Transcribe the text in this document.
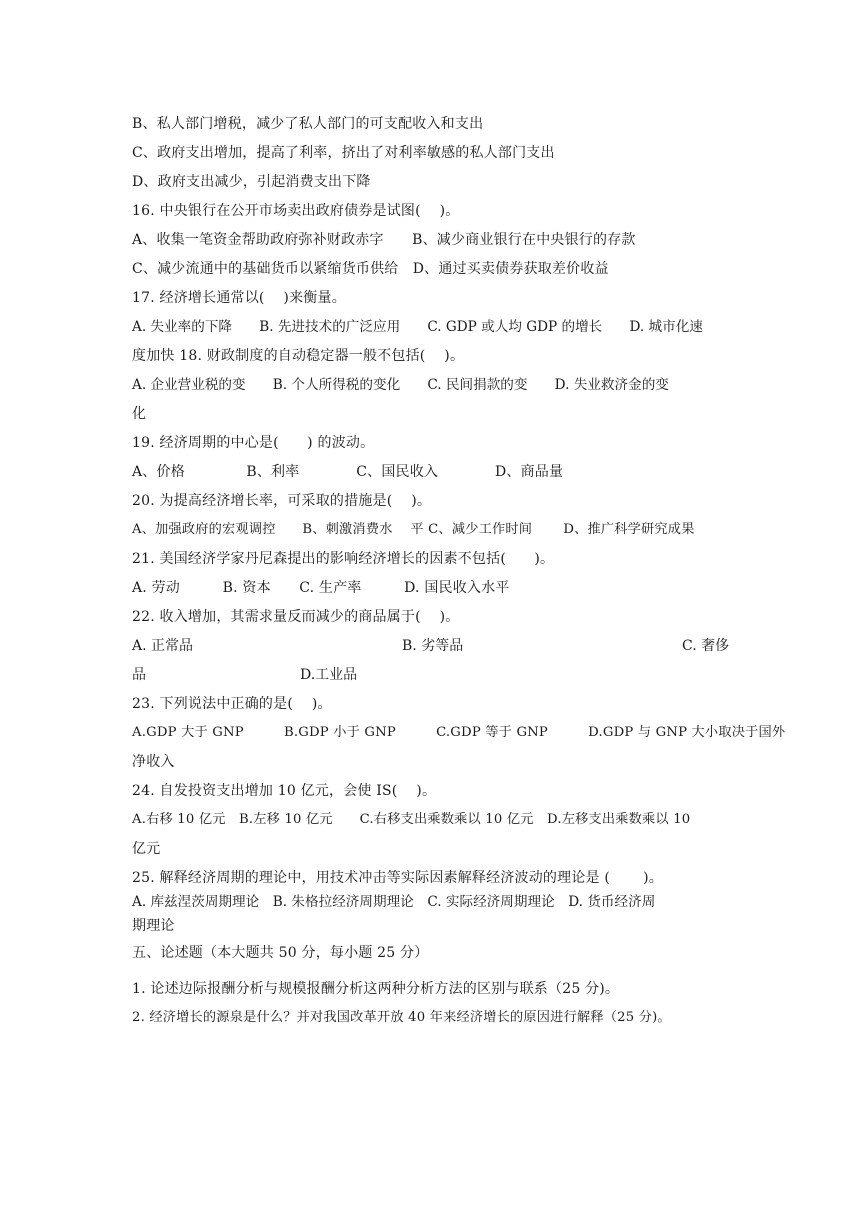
B、私人部门增税，减少了私人部门的可支配收入和支出
C、政府支出增加，提高了利率，挤出了对利率敏感的私人部门支出
D、政府支出减少，引起消费支出下降
16. 中央银行在公开市场卖出政府债券是试图(　 )。
A、收集一笔资金帮助政府弥补财政赤字　　B、减少商业银行在中央银行的存款
C、减少流通中的基础货币以紧缩货币供给　D、通过买卖债券获取差价收益
17. 经济增长通常以(　 )来衡量。
A. 失业率的下降　　B. 先进技术的广泛应用　　C. GDP 或人均 GDP 的增长　　D. 城市化速
度加快 18. 财政制度的自动稳定器一般不包括(　 )。
A. 企业营业税的变　　B. 个人所得税的变化　　C. 民间捐款的变　　D. 失业救济金的变
化
19. 经济周期的中心是(　　) 的波动。
A、价格　　　　 B、利率　　　　C、国民收入　　　　D、商品量
20. 为提高经济增长率，可采取的措施是(　 )。
A、加强政府的宏观调控　　B、刺激消费水　 平 C、减少工作时间　　 D、推广科学研究成果
21. 美国经济学家丹尼森提出的影响经济增长的因素不包括(　　)。
A. 劳动　　　B. 资本　　C. 生产率　　　D. 国民收入水平
22. 收入增加，其需求量反而减少的商品属于(　 )。
A. 正常品	B. 劣等品	C. 奢侈
品	D.工业品
23. 下列说法中正确的是(　 )。
A.GDP 大于 GNP　　　B.GDP 小于 GNP　　　C.GDP 等于 GNP　　　D.GDP 与 GNP 大小取决于国外
净收入
24. 自发投资支出增加 10 亿元，会使 IS(　 )。
A.右移 10 亿元　B.左移 10 亿元　　C.右移支出乘数乘以 10 亿元　D.左移支出乘数乘以 10
亿元
25. 解释经济周期的理论中，用技术冲击等实际因素解释经济波动的理论是 (　　 )。
A. 库兹涅茨周期理论　B. 朱格拉经济周期理论　C. 实际经济周期理论　D. 货币经济周
期理论
五、论述题（本大题共 50 分，每小题 25 分）
1. 论述边际报酬分析与规模报酬分析这两种分析方法的区别与联系（25 分)。
2. 经济增长的源泉是什么？并对我国改革开放 40 年来经济增长的原因进行解释（25 分)。
